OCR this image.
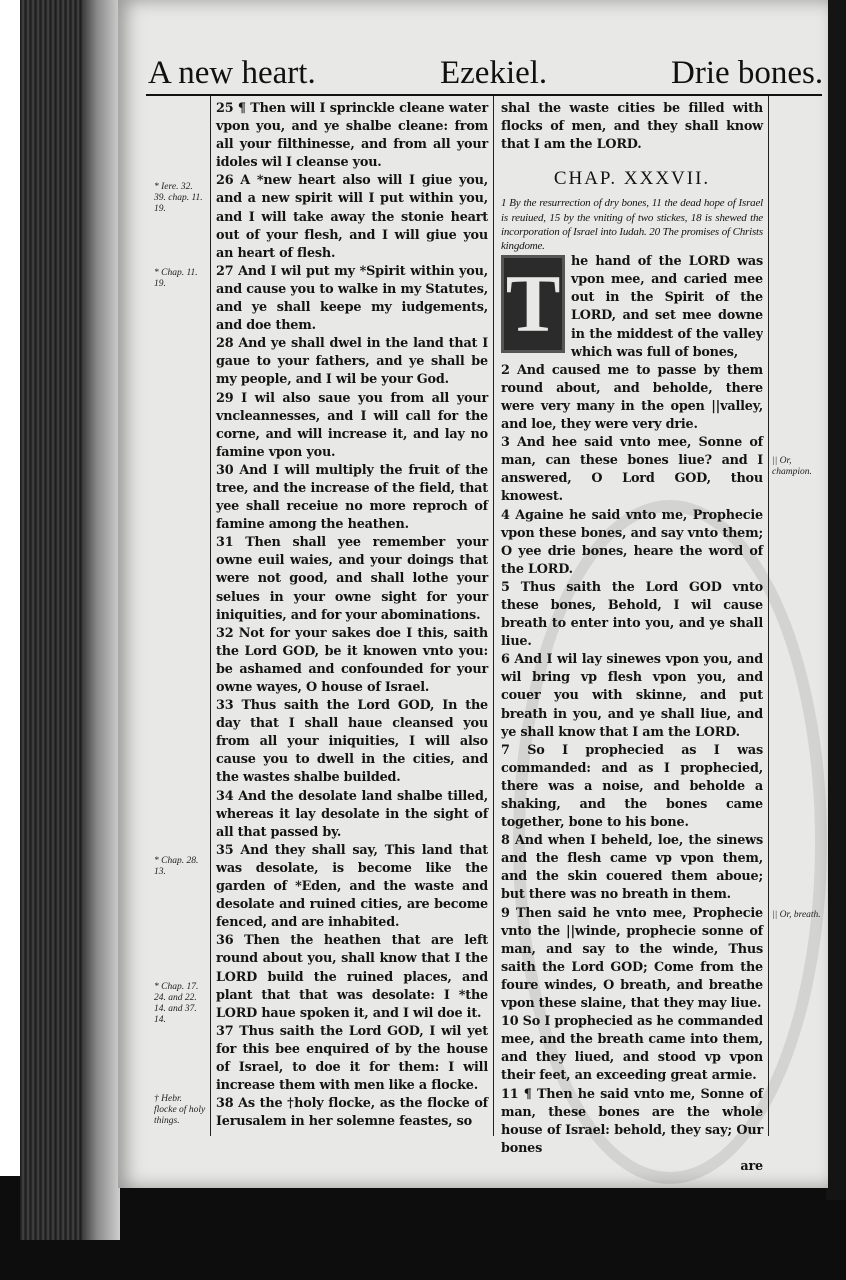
A new heart.	Ezekiel.	Drie bones.
* Iere. 32. 39. chap. 11. 19.
* Chap. 11. 19.
* Chap. 28. 13.
* Chap. 17. 24. and 22. 14. and 37. 14.
† Hebr. flocke of holy things.
|| Or, champion.
|| Or, breath.

25 ¶ Then will I sprinckle cleane water vpon you, and ye shalbe cleane: from all your filthinesse, and from all your idoles wil I cleanse you.

26 A *new heart also will I giue you, and a new spirit will I put within you, and I will take away the stonie heart out of your flesh, and I will giue you an heart of flesh.

27 And I wil put my *Spirit within you, and cause you to walke in my Statutes, and ye shall keepe my iudgements, and doe them.

28 And ye shall dwel in the land that I gaue to your fathers, and ye shall be my people, and I wil be your God.

29 I wil also saue you from all your vncleannesses, and I will call for the corne, and will increase it, and lay no famine vpon you.

30 And I will multiply the fruit of the tree, and the increase of the field, that yee shall receiue no more reproch of famine among the heathen.

31 Then shall yee remember your owne euil waies, and your doings that were not good, and shall lothe your selues in your owne sight for your iniquities, and for your abominations.

32 Not for your sakes doe I this, saith the Lord GOD, be it knowen vnto you: be ashamed and confounded for your owne wayes, O house of Israel.

33 Thus saith the Lord GOD, In the day that I shall haue cleansed you from all your iniquities, I will also cause you to dwell in the cities, and the wastes shalbe builded.

34 And the desolate land shalbe tilled, whereas it lay desolate in the sight of all that passed by.

35 And they shall say, This land that was desolate, is become like the garden of *Eden, and the waste and desolate and ruined cities, are become fenced, and are inhabited.

36 Then the heathen that are left round about you, shall know that I the LORD build the ruined places, and plant that that was desolate: I *the LORD haue spoken it, and I wil doe it.

37 Thus saith the Lord GOD, I wil yet for this bee enquired of by the house of Israel, to doe it for them: I will increase them with men like a flocke.

38 As the †holy flocke, as the flocke of Ierusalem in her solemne feastes, so

shal the waste cities be filled with flocks of men, and they shall know that I am the LORD.

CHAP. XXXVII.

1 By the resurrection of dry bones, 11 the dead hope of Israel is reuiued, 15 by the vniting of two stickes, 18 is shewed the incorporation of Israel into Iudah. 20 The promises of Christs kingdome.

T he hand of the LORD was vpon mee, and caried mee out in the Spirit of the LORD, and set mee downe in the middest of the valley which was full of bones,

2 And caused me to passe by them round about, and beholde, there were very many in the open ||valley, and loe, they were very drie.

3 And hee said vnto mee, Sonne of man, can these bones liue? and I answered, O Lord GOD, thou knowest.

4 Againe he said vnto me, Prophecie vpon these bones, and say vnto them; O yee drie bones, heare the word of the LORD.

5 Thus saith the Lord GOD vnto these bones, Behold, I wil cause breath to enter into you, and ye shall liue.

6 And I wil lay sinewes vpon you, and wil bring vp flesh vpon you, and couer you with skinne, and put breath in you, and ye shall liue, and ye shall know that I am the LORD.

7 So I prophecied as I was commanded: and as I prophecied, there was a noise, and beholde a shaking, and the bones came together, bone to his bone.

8 And when I beheld, loe, the sinews and the flesh came vp vpon them, and the skin couered them aboue; but there was no breath in them.

9 Then said he vnto mee, Prophecie vnto the ||winde, prophecie sonne of man, and say to the winde, Thus saith the Lord GOD; Come from the foure windes, O breath, and breathe vpon these slaine, that they may liue.

10 So I prophecied as he commanded mee, and the breath came into them, and they liued, and stood vp vpon their feet, an exceeding great armie.

11 ¶ Then he said vnto me, Sonne of man, these bones are the whole house of Israel: behold, they say; Our bones

are
